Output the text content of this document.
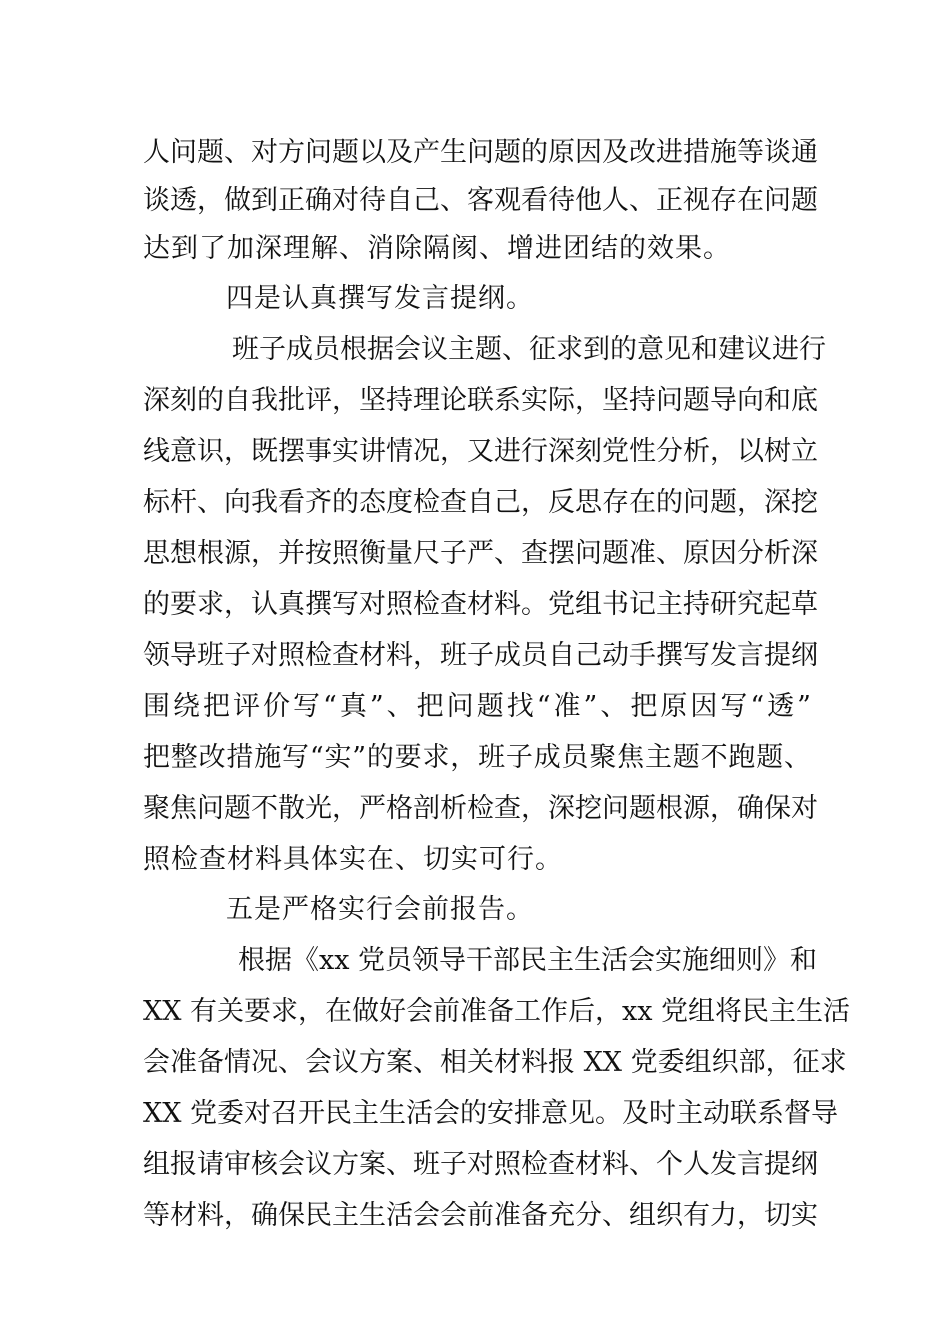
人问题、对方问题以及产生问题的原因及改进措施等谈通
谈透，做到正确对待自己、客观看待他人、正视存在问题
达到了加深理解、消除隔阂、增进团结的效果。
四是认真撰写发言提纲。
班子成员根据会议主题、征求到的意见和建议进行
深刻的自我批评，坚持理论联系实际，坚持问题导向和底
线意识，既摆事实讲情况，又进行深刻党性分析，以树立
标杆、向我看齐的态度检查自己，反思存在的问题，深挖
思想根源，并按照衡量尺子严、查摆问题准、原因分析深
的要求，认真撰写对照检查材料。党组书记主持研究起草
领导班子对照检查材料，班子成员自己动手撰写发言提纲
围绕把评价写“真”、把问题找“准”、把原因写“透”
把整改措施写“实”的要求，班子成员聚焦主题不跑题、
聚焦问题不散光，严格剖析检查，深挖问题根源，确保对
照检查材料具体实在、切实可行。
五是严格实行会前报告。
根据《xx 党员领导干部民主生活会实施细则》和
XX 有关要求，在做好会前准备工作后，xx 党组将民主生活
会准备情况、会议方案、相关材料报 XX 党委组织部，征求
XX 党委对召开民主生活会的安排意见。及时主动联系督导
组报请审核会议方案、班子对照检查材料、个人发言提纲
等材料，确保民主生活会会前准备充分、组织有力，切实
